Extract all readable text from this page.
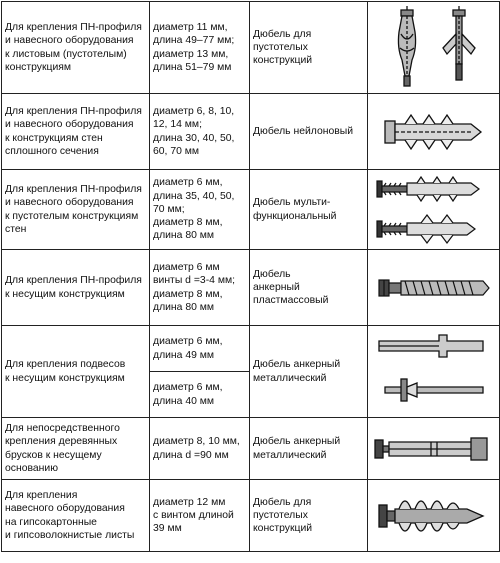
Для крепления ПН-профиля
и навесного оборудования
к листовым (пустотелым)
конструкциям	диаметр 11 мм,
длина 49–77 мм;
диаметр 13 мм,
длина 51–79 мм	Дюбель для
пустотелых
конструкций	

Для крепления ПН-профиля
и навесного оборудования
к конструкциям стен
сплошного сечения	диаметр 6, 8, 10,
12, 14 мм;
длина 30, 40, 50,
60, 70 мм	Дюбель нейлоновый	

Для крепления ПН-профиля
и навесного оборудования
к пустотелым конструкциям
стен	диаметр 6 мм,
длина 35, 40, 50,
70 мм;
диаметр 8 мм,
длина 80 мм	Дюбель мульти-
функциональный	

Для крепления ПН-профиля
к несущим конструкциям	диаметр 6 мм
винты d =3-4 мм;
диаметр 8 мм,
длина 80 мм	Дюбель
анкерный
пластмассовый	

Для крепления подвесов
к несущим конструкциям	диаметр 6 мм,
длина 49 мм	Дюбель анкерный
металлический	

	диаметр 6 мм,
длина 40 мм		
Для непосредственного
крепления деревянных
брусков к несущему
основанию	диаметр 8, 10 мм,
длина d =90 мм	Дюбель анкерный
металлический	

Для крепления
навесного оборудования
на гипсокартонные
и гипсоволокнистые листы	диаметр 12 мм
с винтом длиной
39 мм	Дюбель для
пустотелых
конструкций	
